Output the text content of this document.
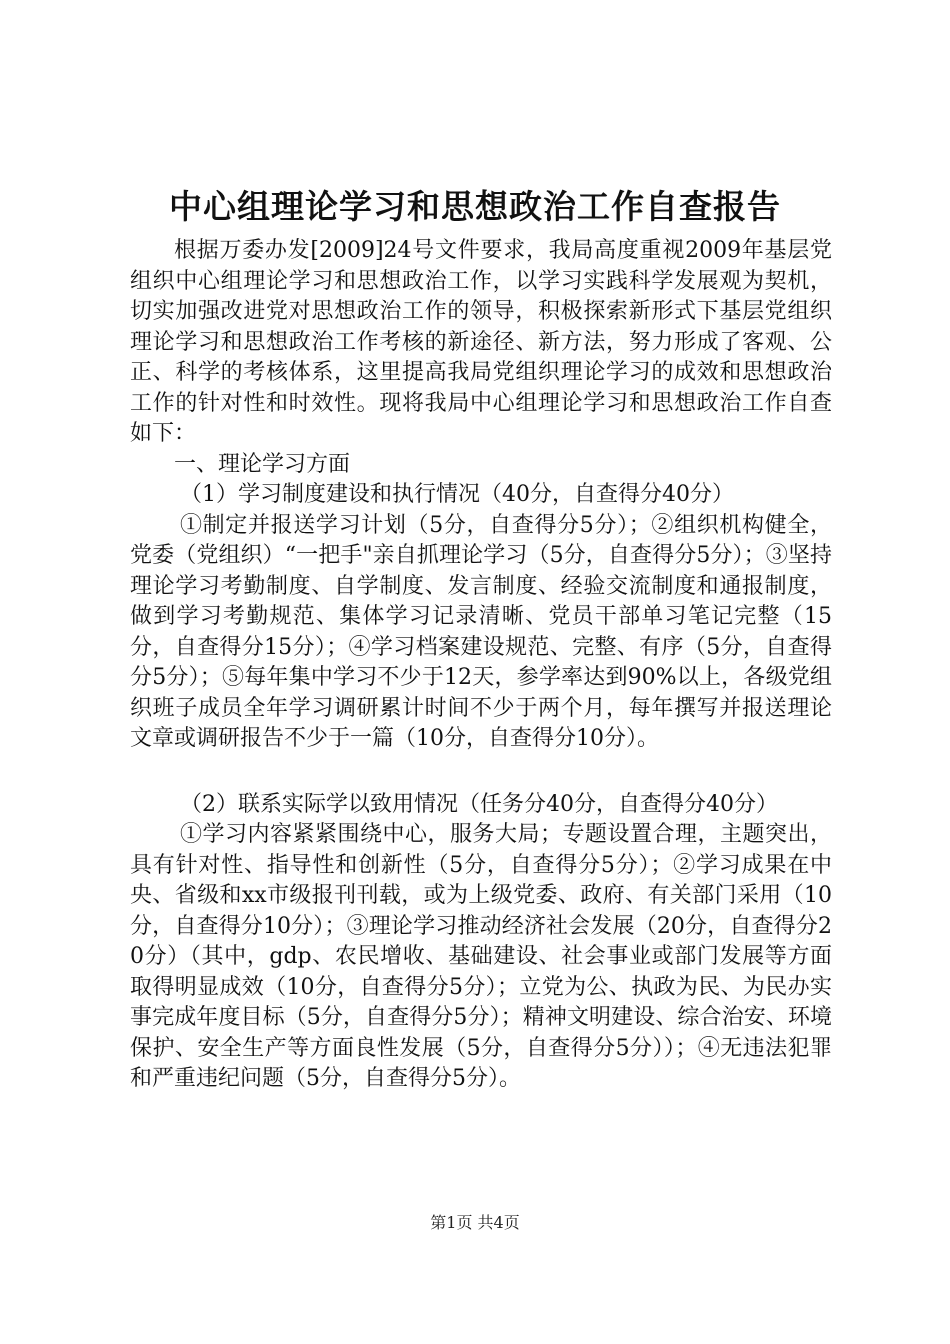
中心组理论学习和思想政治工作自查报告

根据万委办发[2009]24号文件要求，我局高度重视2009年基层党组织中心组理论学习和思想政治工作，以学习实践科学发展观为契机，切实加强改进党对思想政治工作的领导，积极探索新形式下基层党组织理论学习和思想政治工作考核的新途径、新方法，努力形成了客观、公正、科学的考核体系，这里提高我局党组织理论学习的成效和思想政治工作的针对性和时效性。现将我局中心组理论学习和思想政治工作自查如下：

一、理论学习方面

（1）学习制度建设和执行情况（40分，自查得分40分）

①制定并报送学习计划（5分，自查得分5分）；②组织机构健全，党委（党组织）“一把手"亲自抓理论学习（5分，自查得分5分）；③坚持理论学习考勤制度、自学制度、发言制度、经验交流制度和通报制度，做到学习考勤规范、集体学习记录清晰、党员干部单习笔记完整（15分，自查得分15分）；④学习档案建设规范、完整、有序（5分，自查得分5分）；⑤每年集中学习不少于12天，参学率达到90%以上，各级党组织班子成员全年学习调研累计时间不少于两个月，每年撰写并报送理论文章或调研报告不少于一篇（10分，自查得分10分）。

（2）联系实际学以致用情况（任务分40分，自查得分40分）

①学习内容紧紧围绕中心，服务大局；专题设置合理，主题突出，具有针对性、指导性和创新性（5分，自查得分5分）；②学习成果在中央、省级和xx市级报刊刊载，或为上级党委、政府、有关部门采用（10分，自查得分10分）；③理论学习推动经济社会发展（20分，自查得分20分）（其中，gdp、农民增收、基础建设、社会事业或部门发展等方面取得明显成效（10分，自查得分5分）；立党为公、执政为民、为民办实事完成年度目标（5分，自查得分5分）；精神文明建设、综合治安、环境保护、安全生产等方面良性发展（5分，自查得分5分））；④无违法犯罪和严重违纪问题（5分，自查得分5分）。

第1页 共4页
